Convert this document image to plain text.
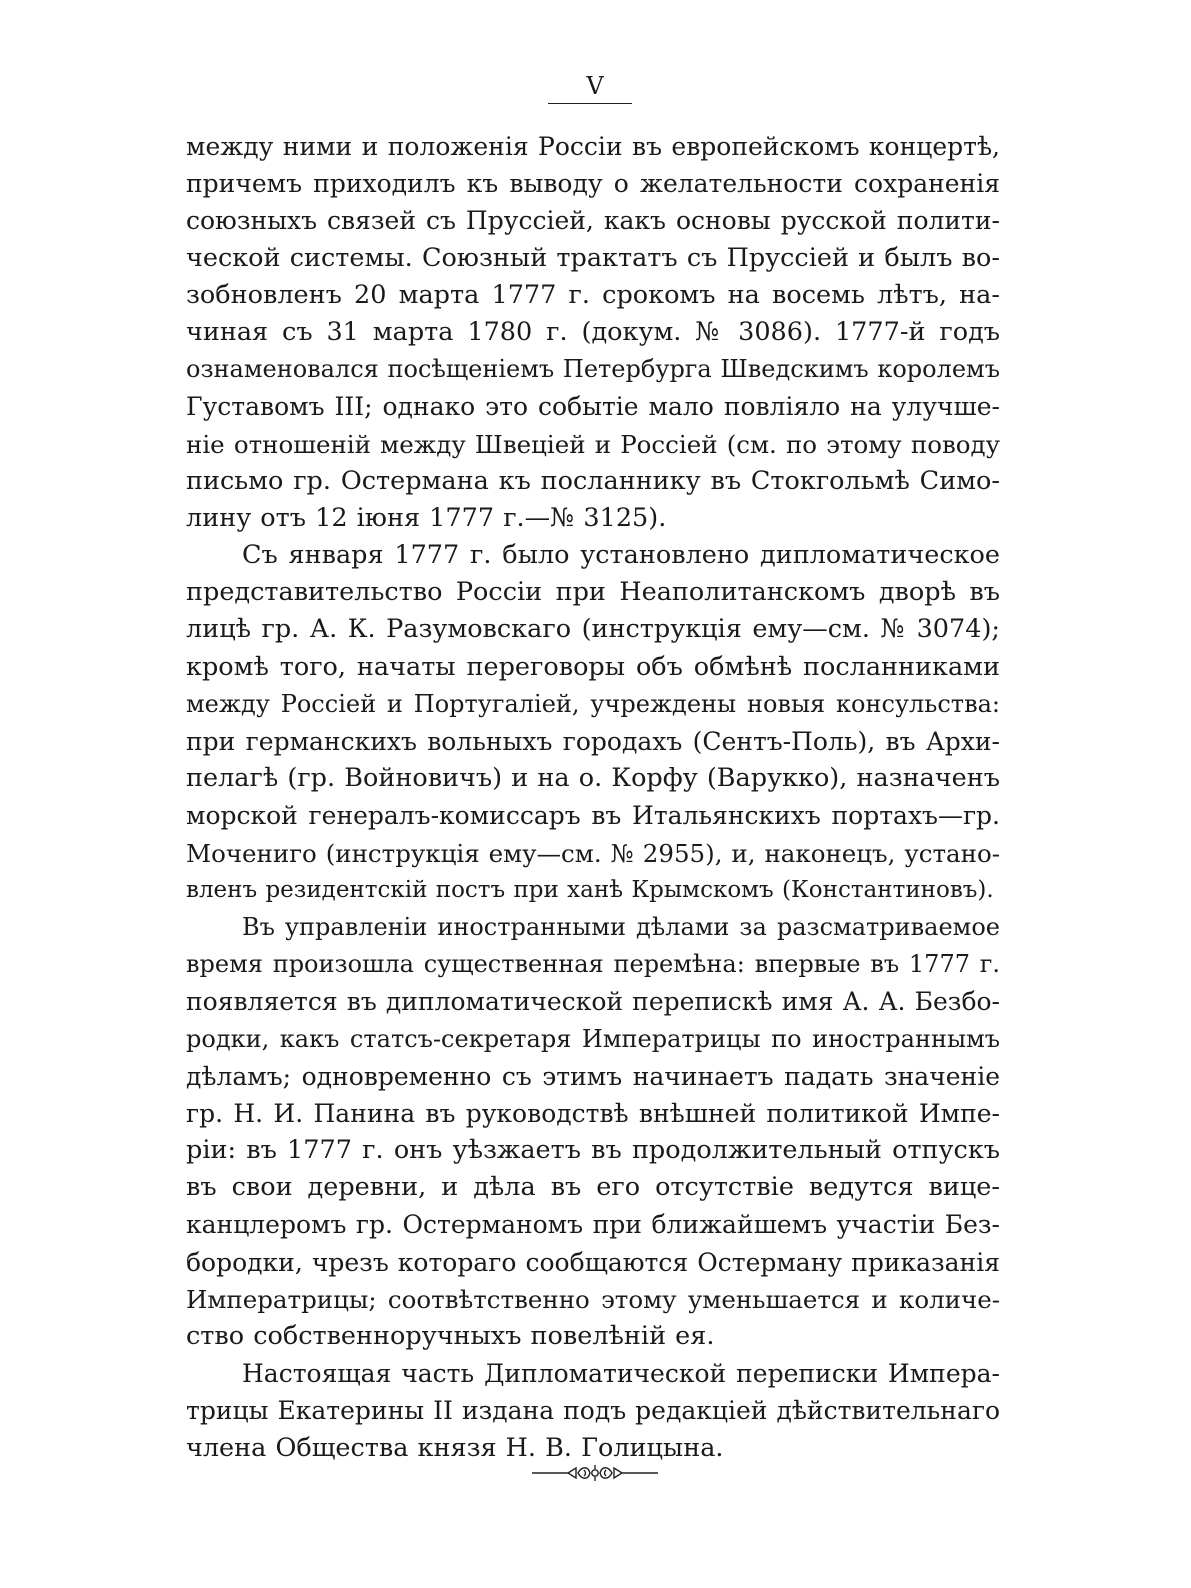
V
между ними и положенія Россіи въ европейскомъ концертѣ,
причемъ приходилъ къ выводу о желательности сохраненія
союзныхъ связей съ Пруссіей, какъ основы русской полити-
ческой системы. Союзный трактатъ съ Пруссіей и былъ во-
зобновленъ 20 марта 1777 г. срокомъ на восемь лѣтъ, на-
чиная съ 31 марта 1780 г. (докум. № 3086). 1777-й годъ
ознаменовался посѣщеніемъ Петербурга Шведскимъ королемъ
Густавомъ III; однако это событіе мало повліяло на улучше-
ніе отношеній между Швеціей и Россіей (см. по этому поводу
письмо гр. Остермана къ посланнику въ Стокгольмѣ Симо-
лину отъ 12 іюня 1777 г.—№ 3125).
Съ января 1777 г. было установлено дипломатическое
представительство Россіи при Неаполитанскомъ дворѣ въ
лицѣ гр. А. К. Разумовскаго (инструкція ему—см. № 3074);
кромѣ того, начаты переговоры объ обмѣнѣ посланниками
между Россіей и Португаліей, учреждены новыя консульства:
при германскихъ вольныхъ городахъ (Сентъ-Поль), въ Архи-
пелагѣ (гр. Войновичъ) и на о. Корфу (Варукко), назначенъ
морской генералъ-комиссаръ въ Итальянскихъ портахъ—гр.
Мочениго (инструкція ему—см. № 2955), и, наконецъ, устано-
вленъ резидентскій постъ при ханѣ Крымскомъ (Константиновъ).
Въ управленіи иностранными дѣлами за разсматриваемое
время произошла существенная перемѣна: впервые въ 1777 г.
появляется въ дипломатической перепискѣ имя А. А. Безбо-
родки, какъ статсъ-секретаря Императрицы по иностраннымъ
дѣламъ; одновременно съ этимъ начинаетъ падать значеніе
гр. Н. И. Панина въ руководствѣ внѣшней политикой Импе-
ріи: въ 1777 г. онъ уѣзжаетъ въ продолжительный отпускъ
въ свои деревни, и дѣла въ его отсутствіе ведутся вице-
канцлеромъ гр. Остерманомъ при ближайшемъ участіи Без-
бородки, чрезъ котораго сообщаются Остерману приказанія
Императрицы; соотвѣтственно этому уменьшается и количе-
ство собственноручныхъ повелѣній ея.
Настоящая часть Дипломатической переписки Импера-
трицы Екатерины II издана подъ редакціей дѣйствительнаго
члена Общества князя Н. В. Голицына.
